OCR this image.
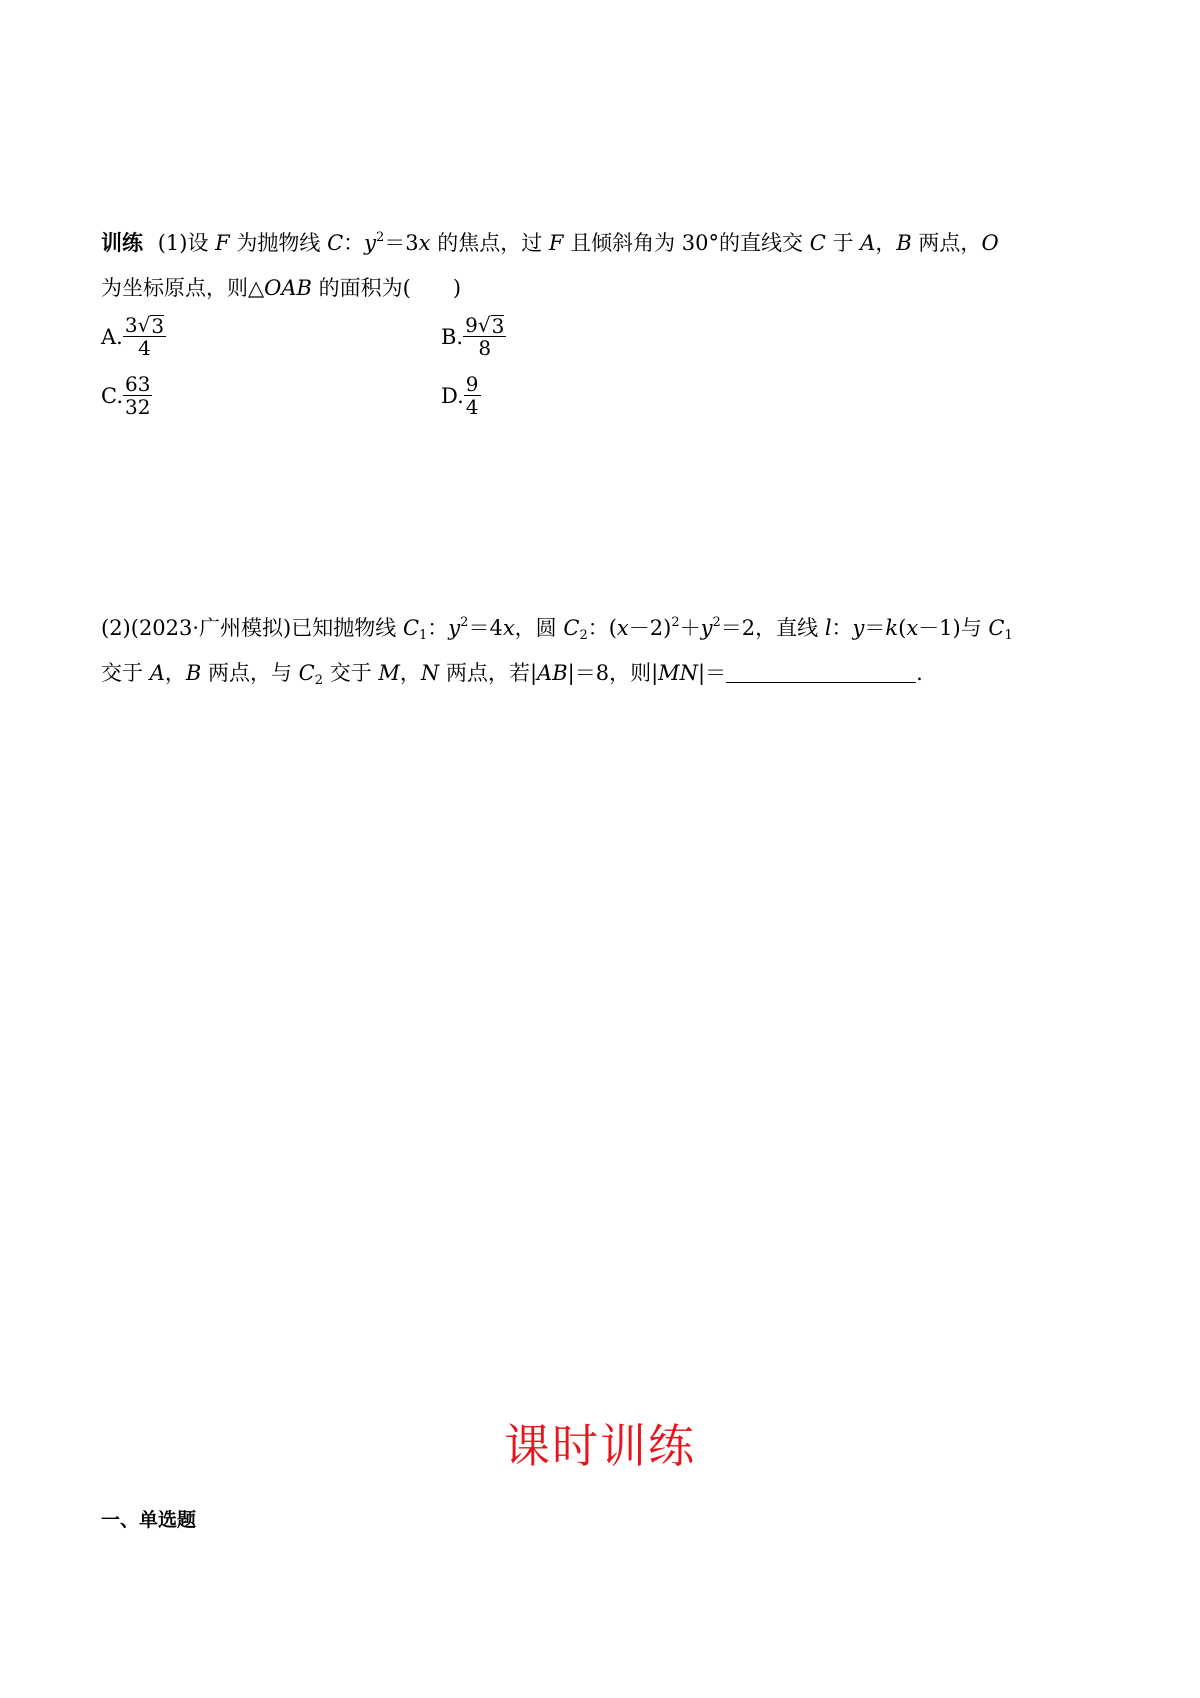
训练 (1)设 F 为抛物线 C：$y^2=3x$ 的焦点，过 F 且倾斜角为 30°的直线交 C 于 A，B 两点，O
为坐标原点，则△OAB 的面积为(　　)
A. $\frac{3 √ 3}{4}$	B. $\frac{9 √ 3}{8}$
C. $\frac{63}{32}$	D. $\frac{9}{4}$
(2)(2023·广州模拟)已知抛物线 $C_1$：$y^2=4x$，圆 $C_2$：$(x-2)^2+y^2=2$，直线 l：y＝k(x－1)与 $C_1$
交于 A，B 两点，与 $C_2$ 交于 M，N 两点，若|AB|＝8，则|MN|＝	.
课时训练
一、单选题
